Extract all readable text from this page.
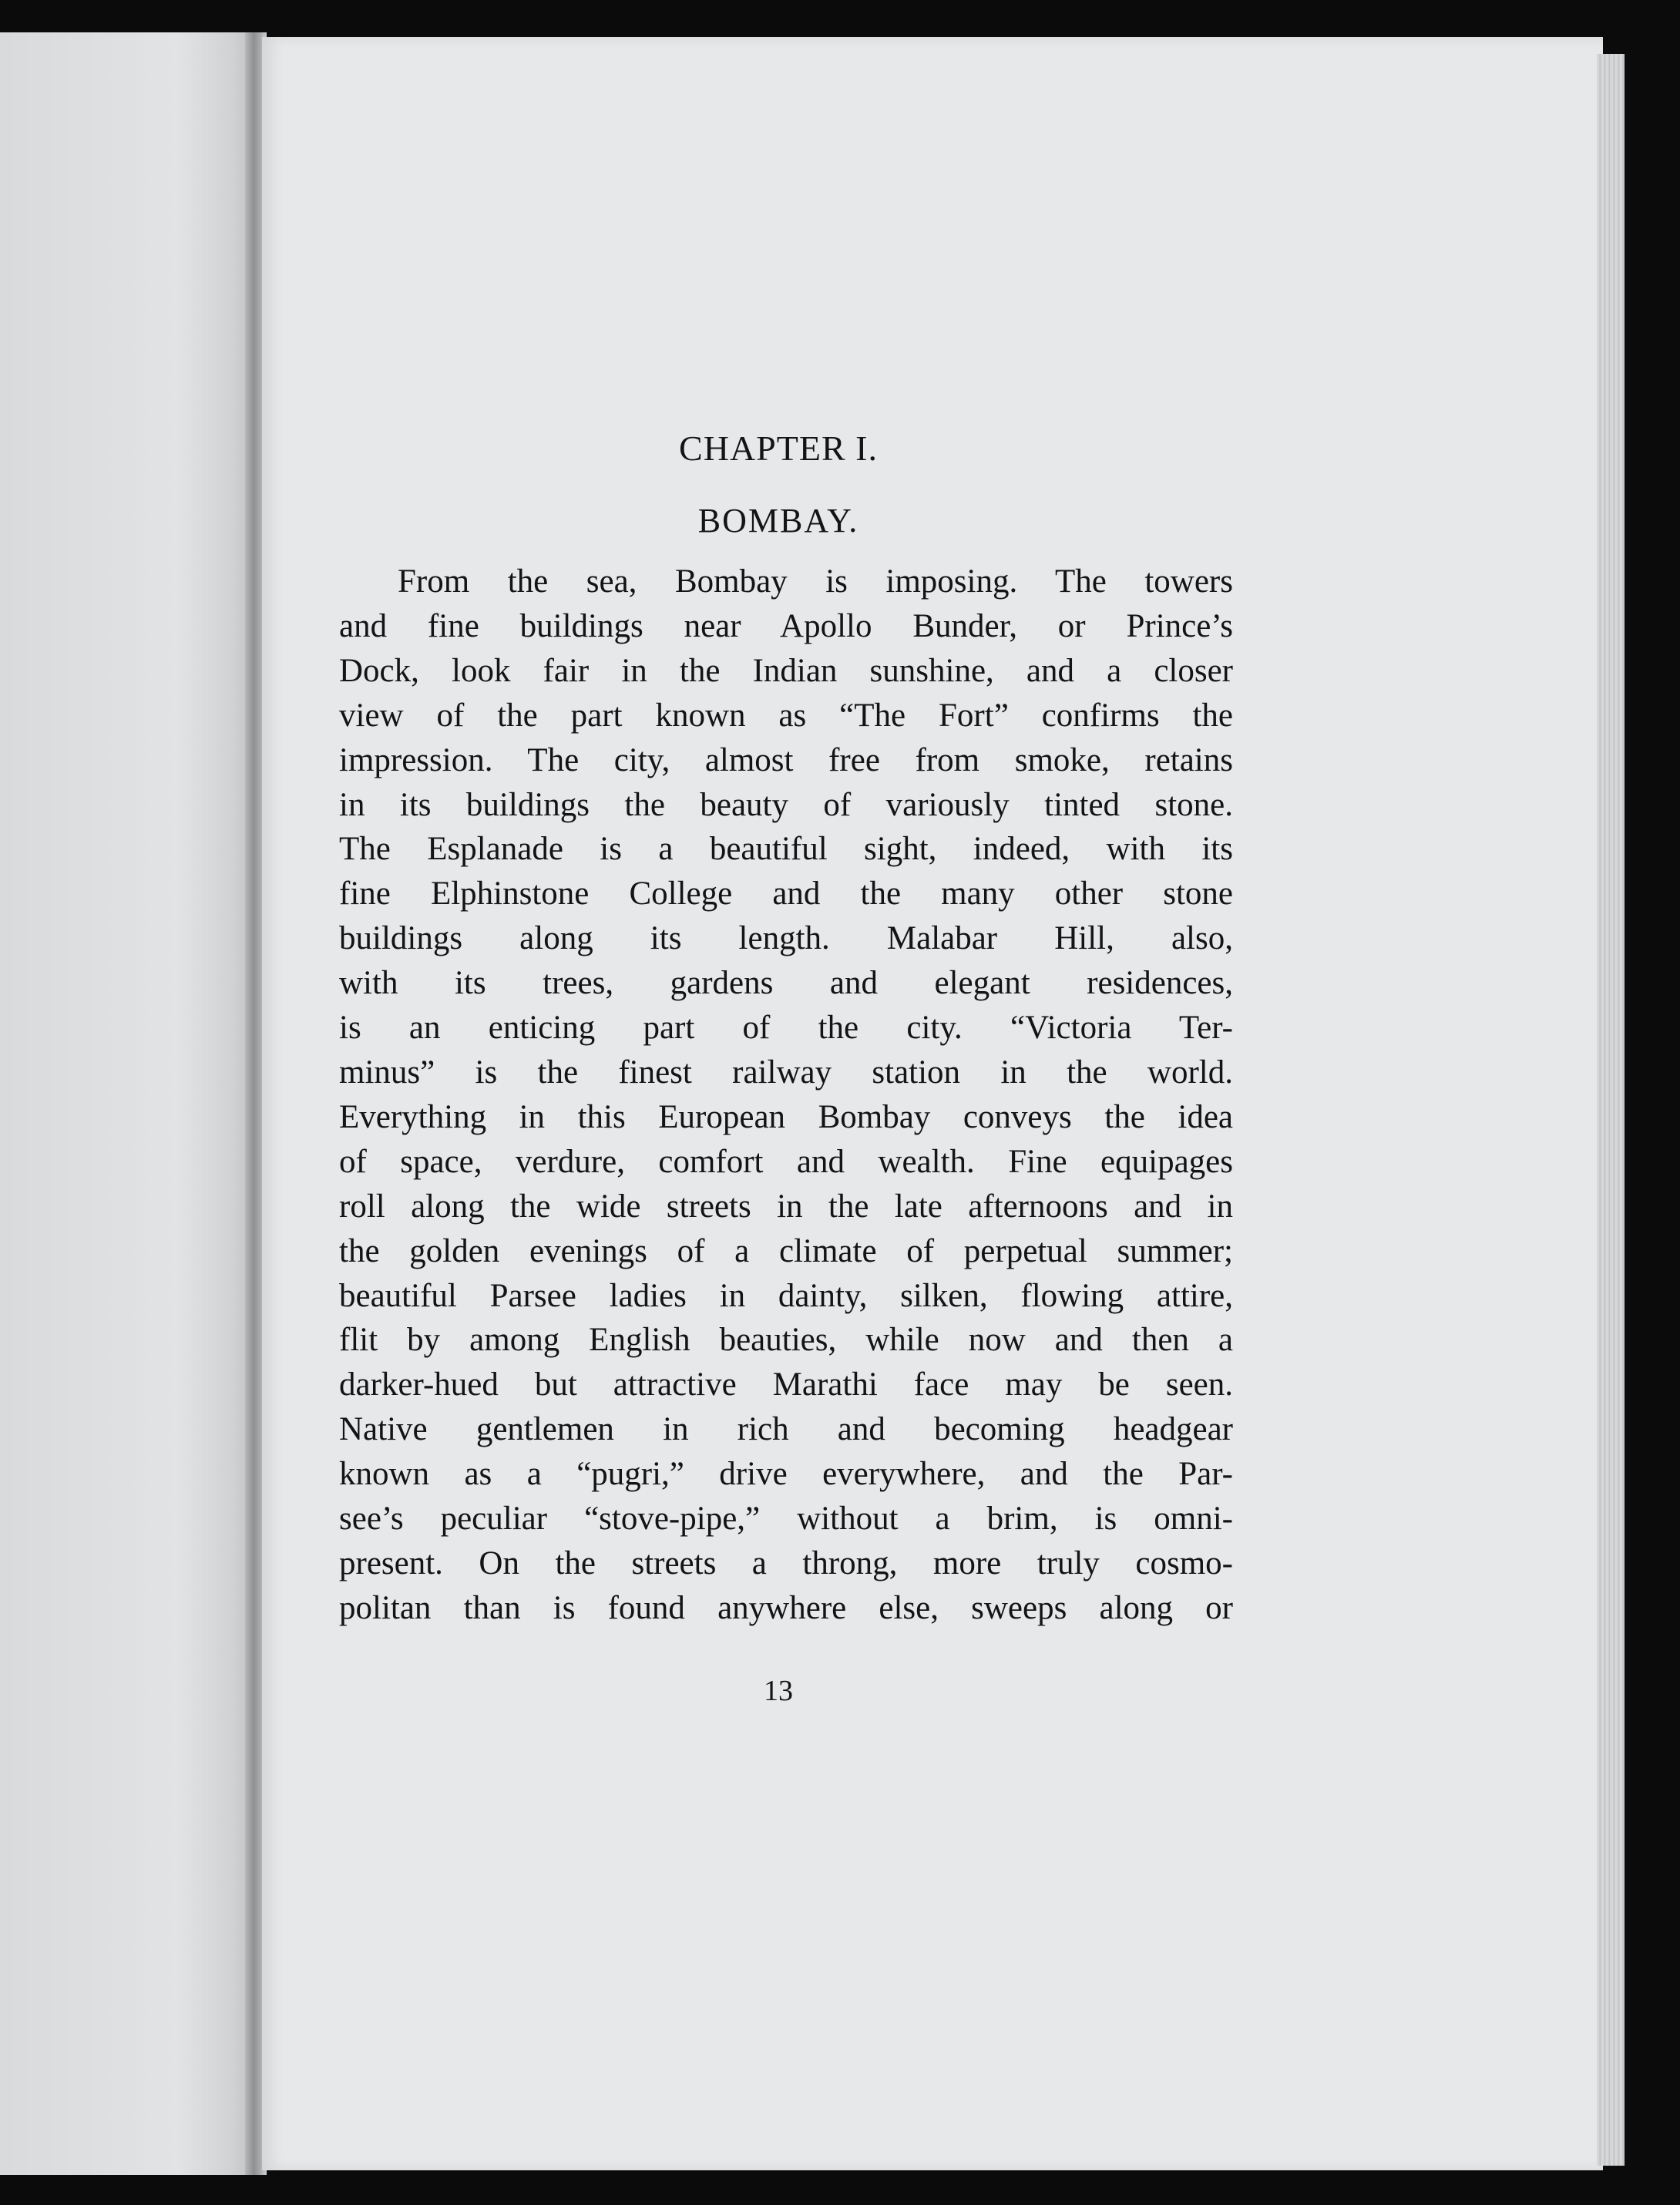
CHAPTER I.
BOMBAY.
From the sea, Bombay is imposing. The towers
and fine buildings near Apollo Bunder, or Prince’s
Dock, look fair in the Indian sunshine, and a closer
view of the part known as “The Fort” confirms the
impression. The city, almost free from smoke, retains
in its buildings the beauty of variously tinted stone.
The Esplanade is a beautiful sight, indeed, with its
fine Elphinstone College and the many other stone
buildings along its length. Malabar Hill, also,
with its trees, gardens and elegant residences,
is an enticing part of the city. “Victoria Ter-
minus” is the finest railway station in the world.
Everything in this European Bombay conveys the idea
of space, verdure, comfort and wealth. Fine equipages
roll along the wide streets in the late afternoons and in
the golden evenings of a climate of perpetual summer;
beautiful Parsee ladies in dainty, silken, flowing attire,
flit by among English beauties, while now and then a
darker-hued but attractive Marathi face may be seen.
Native gentlemen in rich and becoming headgear
known as a “pugri,” drive everywhere, and the Par-
see’s peculiar “stove-pipe,” without a brim, is omni-
present. On the streets a throng, more truly cosmo-
politan than is found anywhere else, sweeps along or
13
